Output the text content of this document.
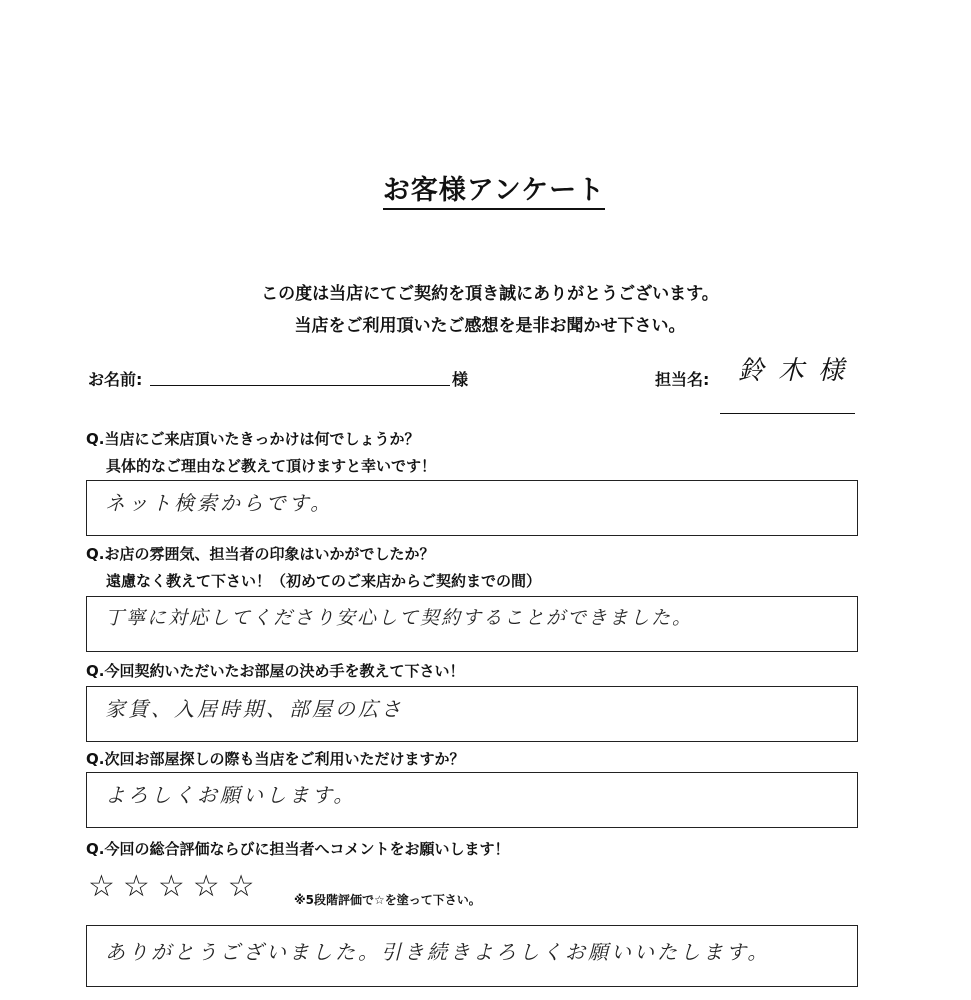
お客様アンケート
この度は当店にてご契約を頂き誠にありがとうございます。
当店をご利用頂いたご感想を是非お聞かせ下さい。
お名前:	様	担当名: 鈴木様
Q.当店にご来店頂いたきっかけは何でしょうか？
具体的なご理由など教えて頂けますと幸いです！
ネット検索からです。
Q.お店の雰囲気、担当者の印象はいかがでしたか？
遠慮なく教えて下さい！（初めてのご来店からご契約までの間）
丁寧に対応してくださり安心して契約することができました。
Q.今回契約いただいたお部屋の決め手を教えて下さい！
家賃、入居時期、部屋の広さ
Q.次回お部屋探しの際も当店をご利用いただけますか？
よろしくお願いします。
Q.今回の総合評価ならびに担当者へコメントをお願いします！
☆ ☆ ☆ ☆ ☆	※5段階評価で☆を塗って下さい。
ありがとうございました。引き続きよろしくお願いいたします。
